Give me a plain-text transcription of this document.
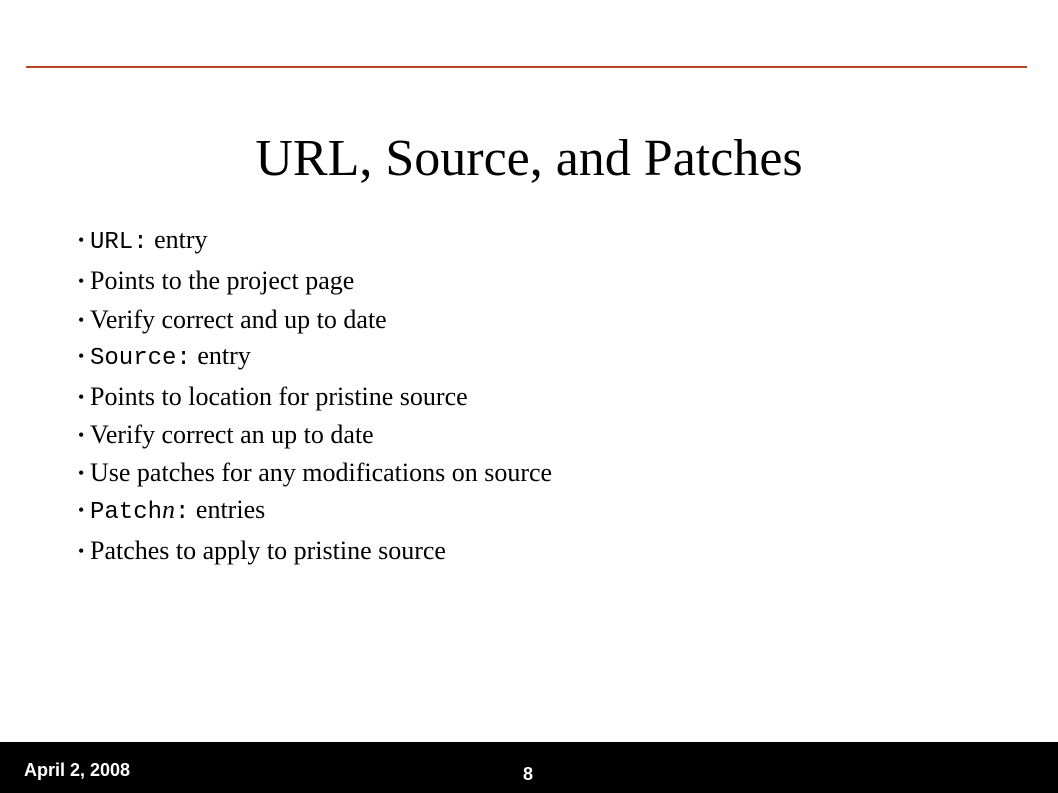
URL, Source, and Patches
• URL: entry
• Points to the project page
• Verify correct and up to date
• Source: entry
• Points to location for pristine source
• Verify correct an up to date
• Use patches for any modifications on source
• Patchn: entries
• Patches to apply to pristine source
April 2, 2008	8
